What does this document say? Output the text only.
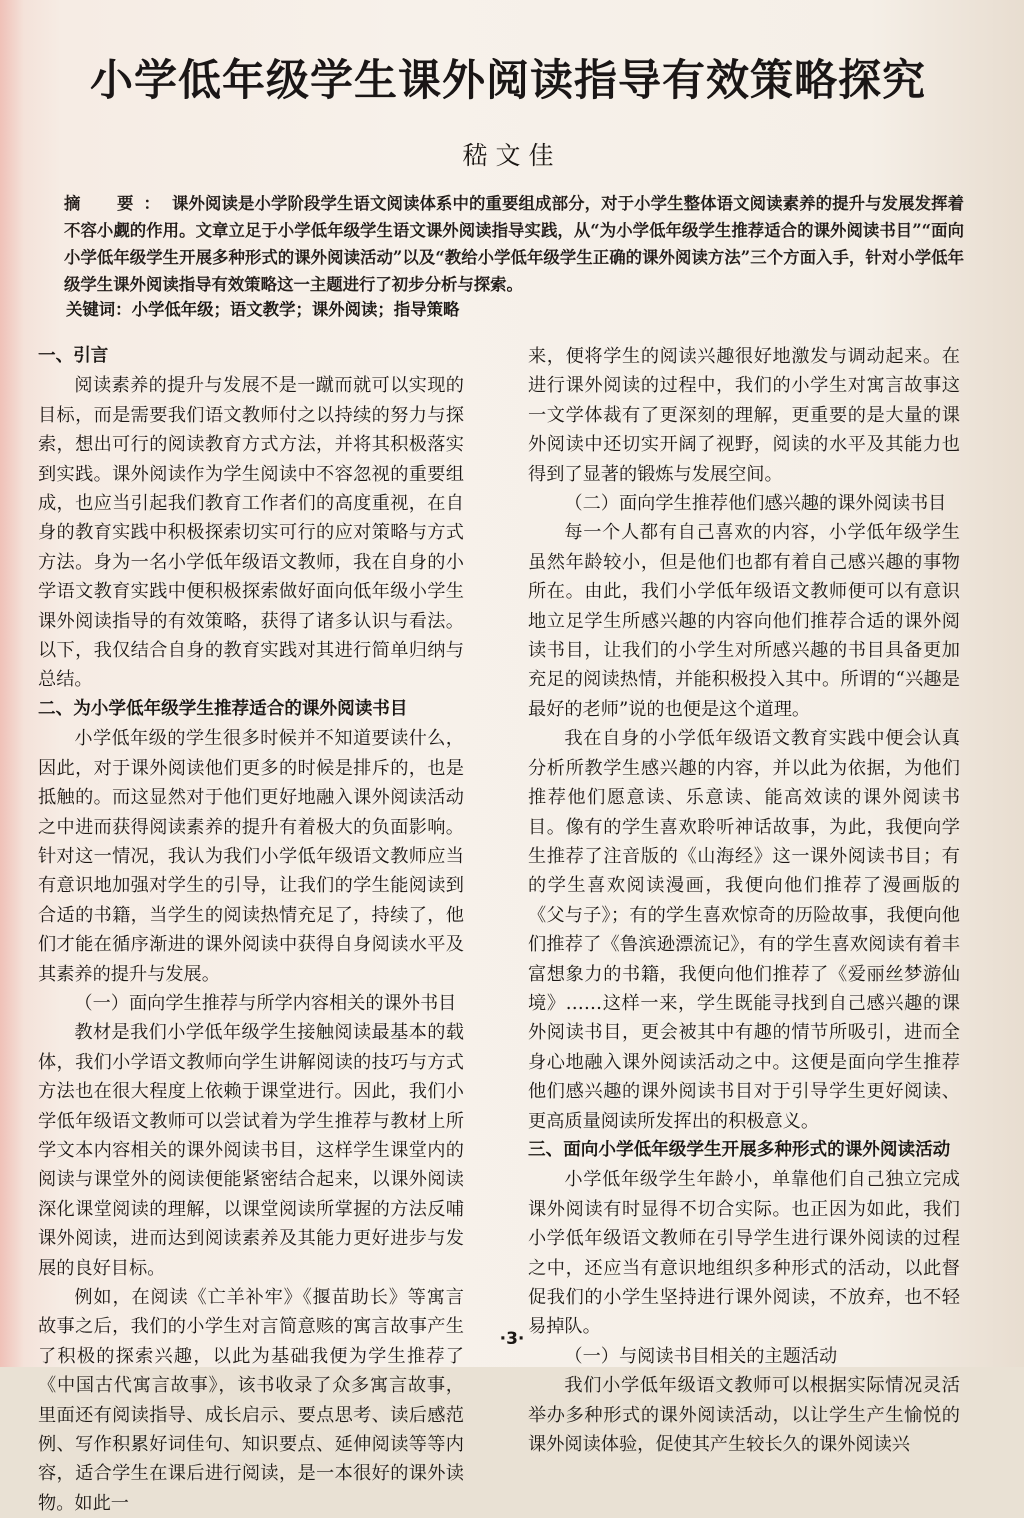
小学低年级学生课外阅读指导有效策略探究
嵇文佳
摘　要： 课外阅读是小学阶段学生语文阅读体系中的重要组成部分，对于小学生整体语文阅读素养的提升与发展发挥着不容小觑的作用。文章立足于小学低年级学生语文课外阅读指导实践，从“为小学低年级学生推荐适合的课外阅读书目”“面向小学低年级学生开展多种形式的课外阅读活动”以及“教给小学低年级学生正确的课外阅读方法”三个方面入手，针对小学低年级学生课外阅读指导有效策略这一主题进行了初步分析与探索。
关键词：小学低年级；语文教学；课外阅读；指导策略
一、引言

阅读素养的提升与发展不是一蹴而就可以实现的目标，而是需要我们语文教师付之以持续的努力与探索，想出可行的阅读教育方式方法，并将其积极落实到实践。课外阅读作为学生阅读中不容忽视的重要组成，也应当引起我们教育工作者们的高度重视，在自身的教育实践中积极探索切实可行的应对策略与方式方法。身为一名小学低年级语文教师，我在自身的小学语文教育实践中便积极探索做好面向低年级小学生课外阅读指导的有效策略，获得了诸多认识与看法。以下，我仅结合自身的教育实践对其进行简单归纳与总结。

二、为小学低年级学生推荐适合的课外阅读书目

小学低年级的学生很多时候并不知道要读什么，因此，对于课外阅读他们更多的时候是排斥的，也是抵触的。而这显然对于他们更好地融入课外阅读活动之中进而获得阅读素养的提升有着极大的负面影响。针对这一情况，我认为我们小学低年级语文教师应当有意识地加强对学生的引导，让我们的学生能阅读到合适的书籍，当学生的阅读热情充足了，持续了，他们才能在循序渐进的课外阅读中获得自身阅读水平及其素养的提升与发展。

（一）面向学生推荐与所学内容相关的课外书目

教材是我们小学低年级学生接触阅读最基本的载体，我们小学语文教师向学生讲解阅读的技巧与方式方法也在很大程度上依赖于课堂进行。因此，我们小学低年级语文教师可以尝试着为学生推荐与教材上所学文本内容相关的课外阅读书目，这样学生课堂内的阅读与课堂外的阅读便能紧密结合起来，以课外阅读深化课堂阅读的理解，以课堂阅读所掌握的方法反哺课外阅读，进而达到阅读素养及其能力更好进步与发展的良好目标。

例如，在阅读《亡羊补牢》《揠苗助长》等寓言故事之后，我们的小学生对言简意赅的寓言故事产生了积极的探索兴趣，以此为基础我便为学生推荐了《中国古代寓言故事》，该书收录了众多寓言故事，里面还有阅读指导、成长启示、要点思考、读后感范例、写作积累好词佳句、知识要点、延伸阅读等等内容，适合学生在课后进行阅读，是一本很好的课外读物。如此一

来，便将学生的阅读兴趣很好地激发与调动起来。在进行课外阅读的过程中，我们的小学生对寓言故事这一文学体裁有了更深刻的理解，更重要的是大量的课外阅读中还切实开阔了视野，阅读的水平及其能力也得到了显著的锻炼与发展空间。

（二）面向学生推荐他们感兴趣的课外阅读书目

每一个人都有自己喜欢的内容，小学低年级学生虽然年龄较小，但是他们也都有着自己感兴趣的事物所在。由此，我们小学低年级语文教师便可以有意识地立足学生所感兴趣的内容向他们推荐合适的课外阅读书目，让我们的小学生对所感兴趣的书目具备更加充足的阅读热情，并能积极投入其中。所谓的“兴趣是最好的老师”说的也便是这个道理。

我在自身的小学低年级语文教育实践中便会认真分析所教学生感兴趣的内容，并以此为依据，为他们推荐他们愿意读、乐意读、能高效读的课外阅读书目。像有的学生喜欢聆听神话故事，为此，我便向学生推荐了注音版的《山海经》这一课外阅读书目；有的学生喜欢阅读漫画，我便向他们推荐了漫画版的《父与子》；有的学生喜欢惊奇的历险故事，我便向他们推荐了《鲁滨逊漂流记》，有的学生喜欢阅读有着丰富想象力的书籍，我便向他们推荐了《爱丽丝梦游仙境》……这样一来，学生既能寻找到自己感兴趣的课外阅读书目，更会被其中有趣的情节所吸引，进而全身心地融入课外阅读活动之中。这便是面向学生推荐他们感兴趣的课外阅读书目对于引导学生更好阅读、更高质量阅读所发挥出的积极意义。

三、面向小学低年级学生开展多种形式的课外阅读活动

小学低年级学生年龄小，单靠他们自己独立完成课外阅读有时显得不切合实际。也正因为如此，我们小学低年级语文教师在引导学生进行课外阅读的过程之中，还应当有意识地组织多种形式的活动，以此督促我们的小学生坚持进行课外阅读，不放弃，也不轻易掉队。

（一）与阅读书目相关的主题活动

我们小学低年级语文教师可以根据实际情况灵活举办多种形式的课外阅读活动，以让学生产生愉悦的课外阅读体验，促使其产生较长久的课外阅读兴

·3·
